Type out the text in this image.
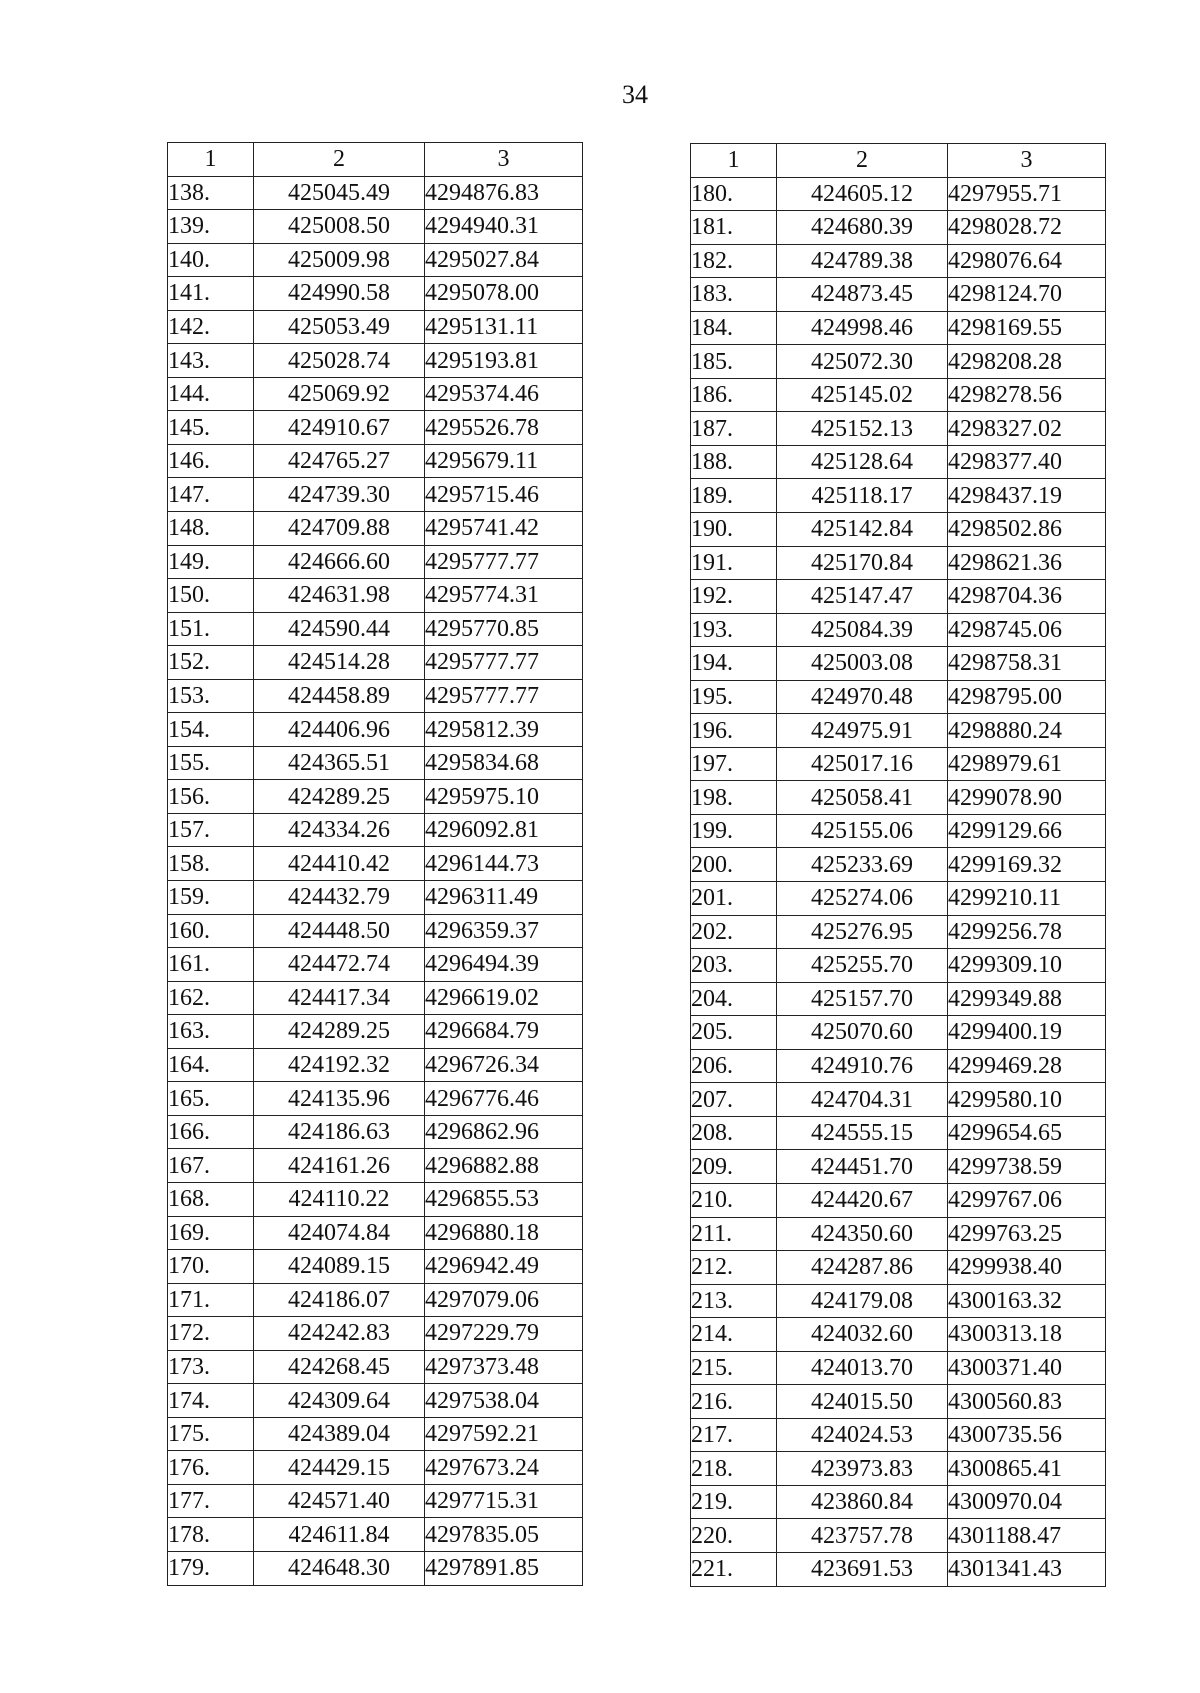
34
1	2	3
138.	425045.49	4294876.83
139.	425008.50	4294940.31
140.	425009.98	4295027.84
141.	424990.58	4295078.00
142.	425053.49	4295131.11
143.	425028.74	4295193.81
144.	425069.92	4295374.46
145.	424910.67	4295526.78
146.	424765.27	4295679.11
147.	424739.30	4295715.46
148.	424709.88	4295741.42
149.	424666.60	4295777.77
150.	424631.98	4295774.31
151.	424590.44	4295770.85
152.	424514.28	4295777.77
153.	424458.89	4295777.77
154.	424406.96	4295812.39
155.	424365.51	4295834.68
156.	424289.25	4295975.10
157.	424334.26	4296092.81
158.	424410.42	4296144.73
159.	424432.79	4296311.49
160.	424448.50	4296359.37
161.	424472.74	4296494.39
162.	424417.34	4296619.02
163.	424289.25	4296684.79
164.	424192.32	4296726.34
165.	424135.96	4296776.46
166.	424186.63	4296862.96
167.	424161.26	4296882.88
168.	424110.22	4296855.53
169.	424074.84	4296880.18
170.	424089.15	4296942.49
171.	424186.07	4297079.06
172.	424242.83	4297229.79
173.	424268.45	4297373.48
174.	424309.64	4297538.04
175.	424389.04	4297592.21
176.	424429.15	4297673.24
177.	424571.40	4297715.31
178.	424611.84	4297835.05
179.	424648.30	4297891.85
1	2	3
180.	424605.12	4297955.71
181.	424680.39	4298028.72
182.	424789.38	4298076.64
183.	424873.45	4298124.70
184.	424998.46	4298169.55
185.	425072.30	4298208.28
186.	425145.02	4298278.56
187.	425152.13	4298327.02
188.	425128.64	4298377.40
189.	425118.17	4298437.19
190.	425142.84	4298502.86
191.	425170.84	4298621.36
192.	425147.47	4298704.36
193.	425084.39	4298745.06
194.	425003.08	4298758.31
195.	424970.48	4298795.00
196.	424975.91	4298880.24
197.	425017.16	4298979.61
198.	425058.41	4299078.90
199.	425155.06	4299129.66
200.	425233.69	4299169.32
201.	425274.06	4299210.11
202.	425276.95	4299256.78
203.	425255.70	4299309.10
204.	425157.70	4299349.88
205.	425070.60	4299400.19
206.	424910.76	4299469.28
207.	424704.31	4299580.10
208.	424555.15	4299654.65
209.	424451.70	4299738.59
210.	424420.67	4299767.06
211.	424350.60	4299763.25
212.	424287.86	4299938.40
213.	424179.08	4300163.32
214.	424032.60	4300313.18
215.	424013.70	4300371.40
216.	424015.50	4300560.83
217.	424024.53	4300735.56
218.	423973.83	4300865.41
219.	423860.84	4300970.04
220.	423757.78	4301188.47
221.	423691.53	4301341.43
